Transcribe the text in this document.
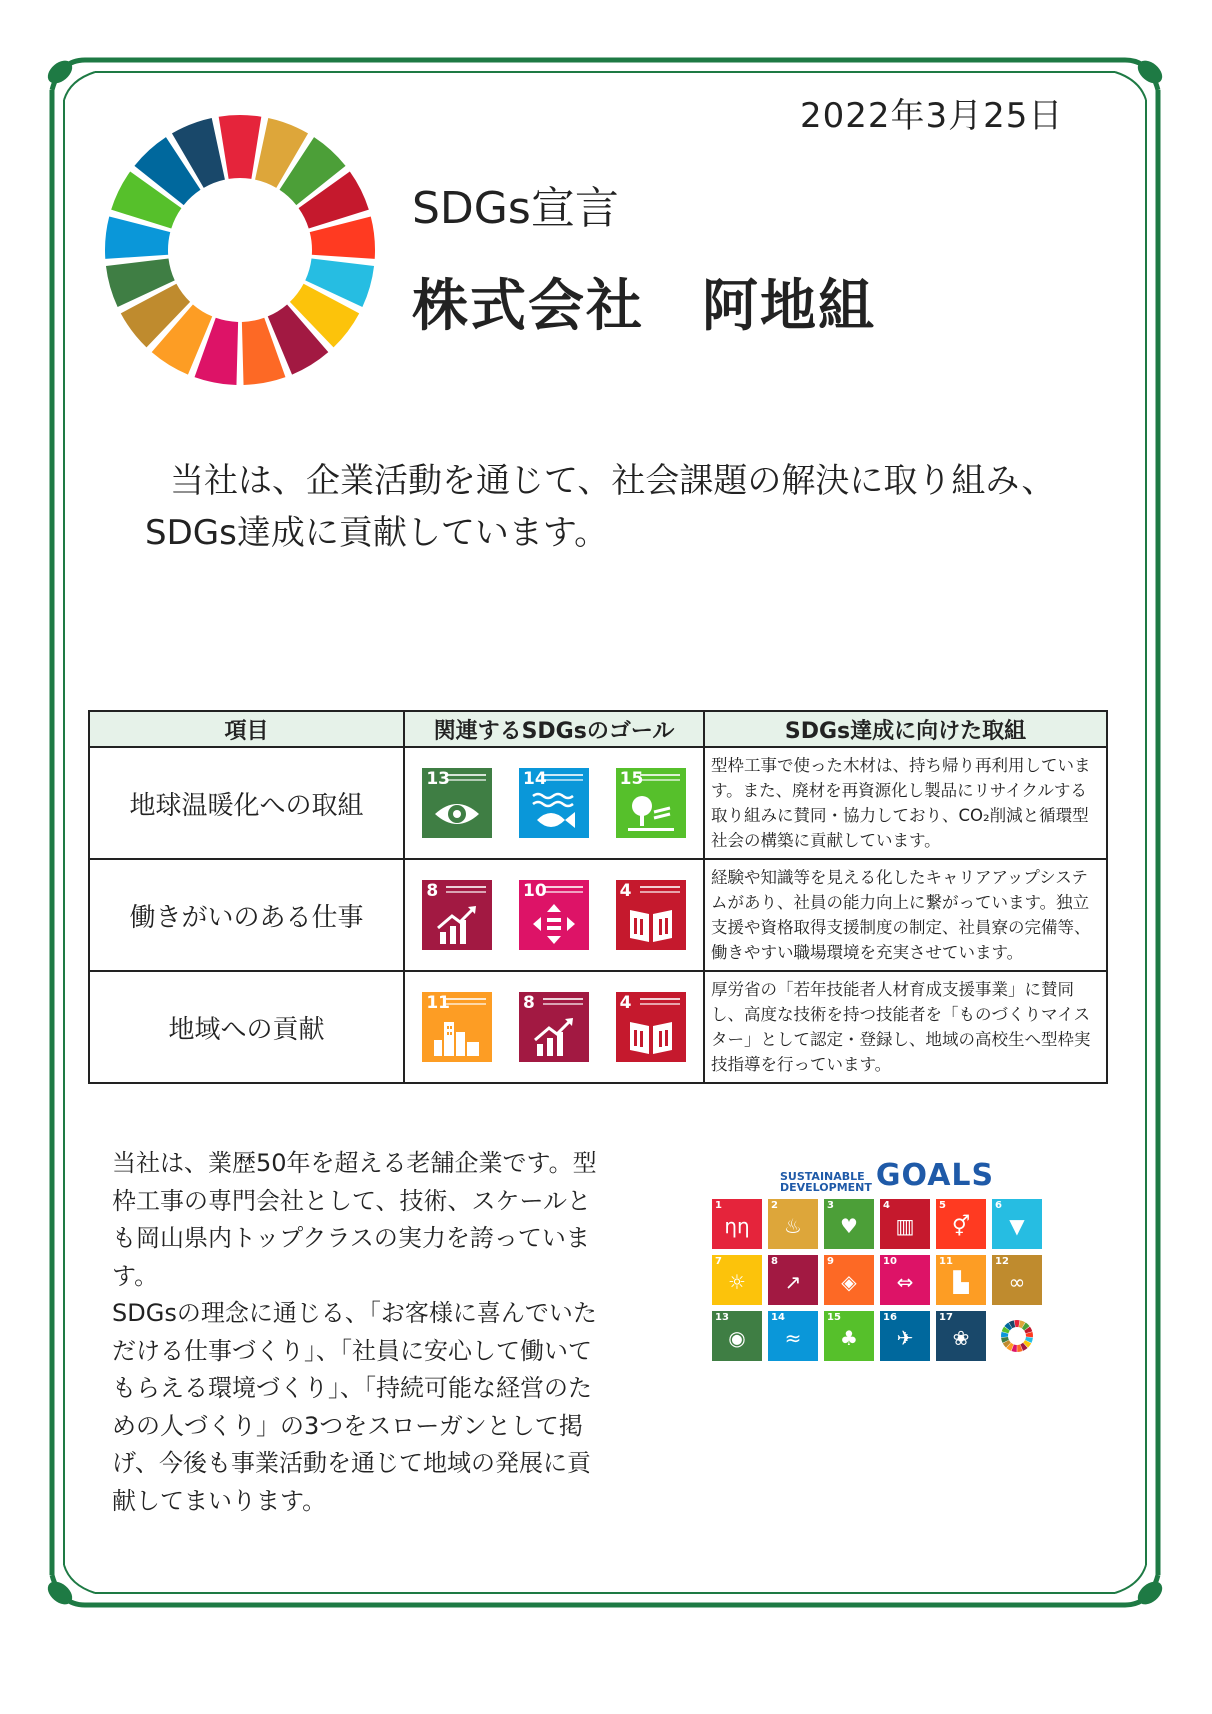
2022年3月25日
SDGs宣言
株式会社　阿地組

当社は、企業活動を通じて、社会課題の解決に取り組み、

SDGs達成に貢献しています。

項目	関連するSDGsのゴール	SDGs達成に向けた取組
地球温暖化への取組	13 14 15	型枠工事で使った木材は、持ち帰り再利用しています。また、廃材を再資源化し製品にリサイクルする取り組みに賛同・協力しており、CO₂削減と循環型社会の構築に貢献しています。
働きがいのある仕事	8 10 4	経験や知識等を見える化したキャリアアップシステムがあり、社員の能力向上に繋がっています。独立支援や資格取得支援制度の制定、社員寮の完備等、働きやすい職場環境を充実させています。
地域への貢献	11 8 4	厚労省の「若年技能者人材育成支援事業」に賛同し、高度な技術を持つ技能者を「ものづくりマイスター」として認定・登録し、地域の高校生へ型枠実技指導を行っています。

当社は、業歴50年を超える老舗企業です。型枠工事の専門会社として、技術、スケールとも岡山県内トップクラスの実力を誇っています。

SDGsの理念に通じる、「お客様に喜んでいただける仕事づくり」、「社員に安心して働いてもらえる環境づくり」、「持続可能な経営のための人づくり」の3つをスローガンとして掲げ、今後も事業活動を通じて地域の発展に貢献してまいります。

SUSTAINABLE
DEVELOPMENT GOALS
1
ηη
2
♨
3
♥
4
▥
5
⚥
6
▼
7
☼
8
↗
9
◈
10
⇔
11
▙
12
∞
13
◉
14
≈
15
♣
16
✈
17
❀
